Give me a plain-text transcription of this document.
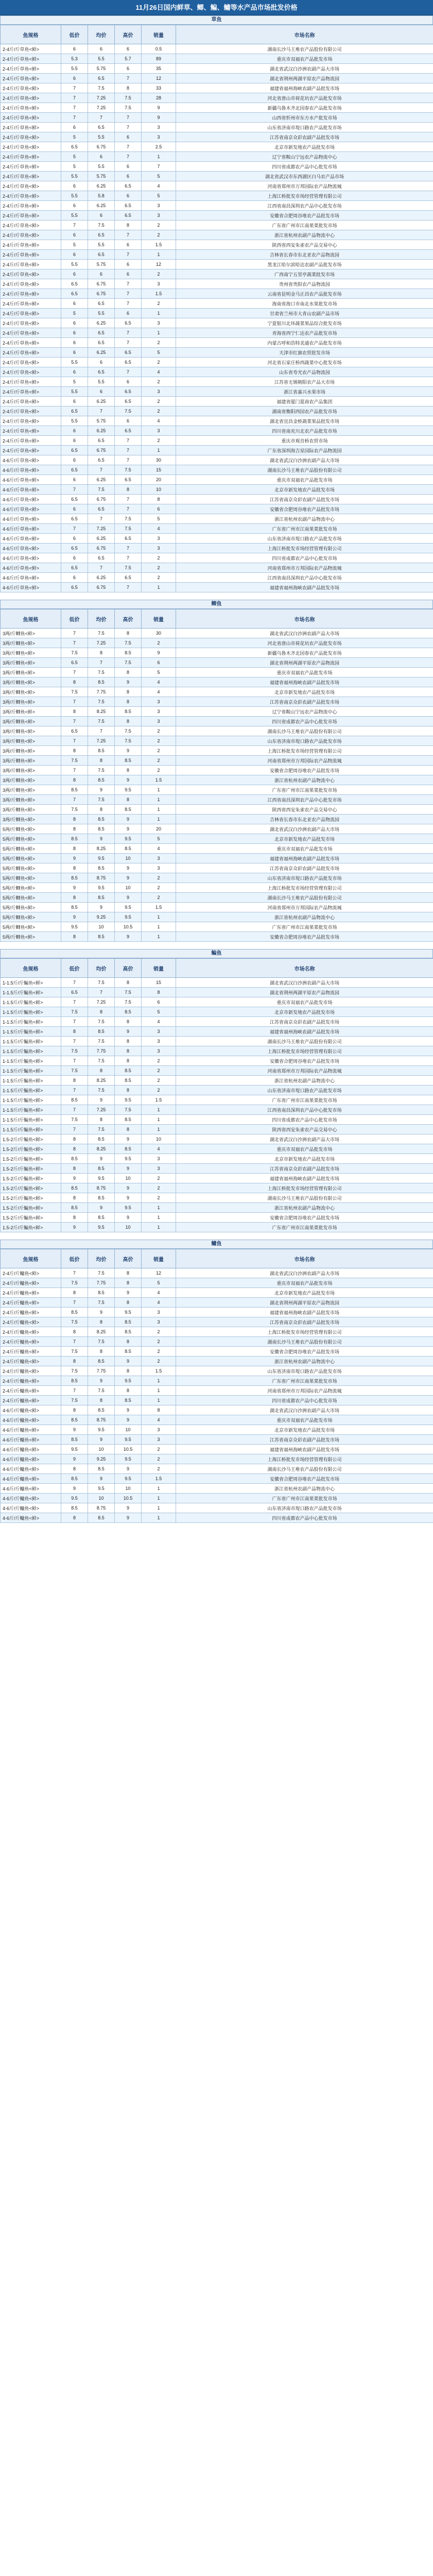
11月26日国内鲜草、鲫、鳊、鳙等水产品市场批发价格
草鱼
鱼规格	低价	均价	高价	销量	市场名称
2-4斤/斤草鱼<鲜>	6	6	6	0.5	湖南长沙马王堆农产品股份有限公司
2-4斤/斤草鱼<鲜>	5.3	5.5	5.7	89	重庆市双福农产品批发市场
2-4斤/斤草鱼<鲜>	5.5	5.75	6	35	湖北省武汉白沙洲农副产品大市场
2-4斤/斤草鱼<鲜>	6	6.5	7	12	湖北省荆州两湖平原农产品物流园
2-4斤/斤草鱼<鲜>	7	7.5	8	33	福建省福州海峡农副产品批发市场
2-4斤/斤草鱼<鲜>	7	7.25	7.5	28	河北省唐山市荷花坑农产品批发市场
2-4斤/斤草鱼<鲜>	7	7.25	7.5	9	新疆乌鲁木齐北园春农产品批发市场
2-4斤/斤草鱼<鲜>	7	7	7	9	山西省忻州市东方水产批发市场
2-4斤/斤草鱼<鲜>	6	6.5	7	3	山东省济南市堤口路农产品批发市场
2-4斤/斤草鱼<鲜>	5	5.5	6	3	江苏省南京众彩农副产品批发市场
2-4斤/斤草鱼<鲜>	6.5	6.75	7	2.5	北京市新发地农产品批发市场
2-4斤/斤草鱼<鲜>	5	6	7	1	辽宁省鞍山宁远农产品物流中心
2-4斤/斤草鱼<鲜>	5	5.5	6	7	四川省成都农产品中心批发市场
2-4斤/斤草鱼<鲜>	5.5	5.75	6	5	湖北省武汉市东西湖区白马农产品市场
2-4斤/斤草鱼<鲜>	6	6.25	6.5	4	河南省郑州市万邦国际农产品物流城
2-4斤/斤草鱼<鲜>	5.5	5.8	6	5	上海江桥批发市场经营管理有限公司
2-4斤/斤草鱼<鲜>	6	6.25	6.5	3	江西省南昌深圳农产品中心批发市场
2-4斤/斤草鱼<鲜>	5.5	6	6.5	3	安徽省合肥周谷堆农产品批发市场
2-4斤/斤草鱼<鲜>	7	7.5	8	2	广东省广州市江南果菜批发市场
2-4斤/斤草鱼<鲜>	6	6.5	7	2	浙江省杭州农副产品物流中心
2-4斤/斤草鱼<鲜>	5	5.5	6	1.5	陕西省西安朱雀农产品交易中心
2-4斤/斤草鱼<鲜>	6	6.5	7	1	吉林省长春市东北亚农产品物流园
2-4斤/斤草鱼<鲜>	5.5	5.75	6	12	黑龙江哈尔滨哈达农副产品批发市场
2-4斤/斤草鱼<鲜>	6	6	6	2	广西南宁五里亭蔬菜批发市场
2-4斤/斤草鱼<鲜>	6.5	6.75	7	3	贵州省贵阳农产品物流园
2-4斤/斤草鱼<鲜>	6.5	6.75	7	1.5	云南省昆明金马正昌农产品批发市场
2-4斤/斤草鱼<鲜>	6	6.5	7	2	海南省海口市南北水果批发市场
2-4斤/斤草鱼<鲜>	5	5.5	6	1	甘肃省兰州市大青山农副产品市场
2-4斤/斤草鱼<鲜>	6	6.25	6.5	3	宁夏银川北环蔬菜果品综合批发市场
2-4斤/斤草鱼<鲜>	6	6.5	7	1	青海省西宁仁达农产品批发市场
2-4斤/斤草鱼<鲜>	6	6.5	7	2	内蒙古呼和浩特美通农产品批发市场
2-4斤/斤草鱼<鲜>	6	6.25	6.5	5	天津市红旗农贸批发市场
2-4斤/斤草鱼<鲜>	5.5	6	6.5	2	河北省石家庄桥西蔬菜中心批发市场
2-4斤/斤草鱼<鲜>	6	6.5	7	4	山东省寿光农产品物流园
2-4斤/斤草鱼<鲜>	5	5.5	6	2	江苏省无锡朝阳农产品大市场
2-4斤/斤草鱼<鲜>	5.5	6	6.5	3	浙江省嘉兴水果市场
2-4斤/斤草鱼<鲜>	6	6.25	6.5	2	福建省厦门夏商农产品集团
2-4斤/斤草鱼<鲜>	6.5	7	7.5	2	湖南省衡阳西园农产品批发市场
2-4斤/斤草鱼<鲜>	5.5	5.75	6	4	湖北省宜昌金桥蔬菜果品批发市场
2-4斤/斤草鱼<鲜>	6	6.25	6.5	3	四川省南充川北农产品批发市场
2-4斤/斤草鱼<鲜>	6	6.5	7	2	重庆市观音桥农贸市场
2-4斤/斤草鱼<鲜>	6.5	6.75	7	1	广东省深圳海吉星国际农产品物流园
4-6斤/斤草鱼<鲜>	6	6.5	7	30	湖北省武汉白沙洲农副产品大市场
4-6斤/斤草鱼<鲜>	6.5	7	7.5	15	湖南长沙马王堆农产品股份有限公司
4-6斤/斤草鱼<鲜>	6	6.25	6.5	20	重庆市双福农产品批发市场
4-6斤/斤草鱼<鲜>	7	7.5	8	10	北京市新发地农产品批发市场
4-6斤/斤草鱼<鲜>	6.5	6.75	7	8	江苏省南京众彩农副产品批发市场
4-6斤/斤草鱼<鲜>	6	6.5	7	6	安徽省合肥周谷堆农产品批发市场
4-6斤/斤草鱼<鲜>	6.5	7	7.5	5	浙江省杭州农副产品物流中心
4-6斤/斤草鱼<鲜>	7	7.25	7.5	4	广东省广州市江南果菜批发市场
4-6斤/斤草鱼<鲜>	6	6.25	6.5	3	山东省济南市堤口路农产品批发市场
4-6斤/斤草鱼<鲜>	6.5	6.75	7	3	上海江桥批发市场经营管理有限公司
4-6斤/斤草鱼<鲜>	6	6.5	7	2	四川省成都农产品中心批发市场
4-6斤/斤草鱼<鲜>	6.5	7	7.5	2	河南省郑州市万邦国际农产品物流城
4-6斤/斤草鱼<鲜>	6	6.25	6.5	2	江西省南昌深圳农产品中心批发市场
4-6斤/斤草鱼<鲜>	6.5	6.75	7	1	福建省福州海峡农副产品批发市场
鲫鱼
鱼规格	低价	均价	高价	销量	市场名称
3两/斤鲫鱼<鲜>	7	7.5	8	30	湖北省武汉白沙洲农副产品大市场
3两/斤鲫鱼<鲜>	7	7.25	7.5	2	河北省唐山市荷花坑农产品批发市场
3两/斤鲫鱼<鲜>	7.5	8	8.5	9	新疆乌鲁木齐北园春农产品批发市场
3两/斤鲫鱼<鲜>	6.5	7	7.5	6	湖北省荆州两湖平原农产品物流园
3两/斤鲫鱼<鲜>	7	7.5	8	5	重庆市双福农产品批发市场
3两/斤鲫鱼<鲜>	8	8.5	9	4	福建省福州海峡农副产品批发市场
3两/斤鲫鱼<鲜>	7.5	7.75	8	4	北京市新发地农产品批发市场
3两/斤鲫鱼<鲜>	7	7.5	8	3	江苏省南京众彩农副产品批发市场
3两/斤鲫鱼<鲜>	8	8.25	8.5	3	辽宁省鞍山宁远农产品物流中心
3两/斤鲫鱼<鲜>	7	7.5	8	3	四川省成都农产品中心批发市场
3两/斤鲫鱼<鲜>	6.5	7	7.5	2	湖南长沙马王堆农产品股份有限公司
3两/斤鲫鱼<鲜>	7	7.25	7.5	2	山东省济南市堤口路农产品批发市场
3两/斤鲫鱼<鲜>	8	8.5	9	2	上海江桥批发市场经营管理有限公司
3两/斤鲫鱼<鲜>	7.5	8	8.5	2	河南省郑州市万邦国际农产品物流城
3两/斤鲫鱼<鲜>	7	7.5	8	2	安徽省合肥周谷堆农产品批发市场
3两/斤鲫鱼<鲜>	8	8.5	9	1.5	浙江省杭州农副产品物流中心
3两/斤鲫鱼<鲜>	8.5	9	9.5	1	广东省广州市江南果菜批发市场
3两/斤鲫鱼<鲜>	7	7.5	8	1	江西省南昌深圳农产品中心批发市场
3两/斤鲫鱼<鲜>	7.5	8	8.5	1	陕西省西安朱雀农产品交易中心
3两/斤鲫鱼<鲜>	8	8.5	9	1	吉林省长春市东北亚农产品物流园
5两/斤鲫鱼<鲜>	8	8.5	9	20	湖北省武汉白沙洲农副产品大市场
5两/斤鲫鱼<鲜>	8.5	9	9.5	5	北京市新发地农产品批发市场
5两/斤鲫鱼<鲜>	8	8.25	8.5	4	重庆市双福农产品批发市场
5两/斤鲫鱼<鲜>	9	9.5	10	3	福建省福州海峡农副产品批发市场
5两/斤鲫鱼<鲜>	8	8.5	9	3	江苏省南京众彩农副产品批发市场
5两/斤鲫鱼<鲜>	8.5	8.75	9	2	山东省济南市堤口路农产品批发市场
5两/斤鲫鱼<鲜>	9	9.5	10	2	上海江桥批发市场经营管理有限公司
5两/斤鲫鱼<鲜>	8	8.5	9	2	湖南长沙马王堆农产品股份有限公司
5两/斤鲫鱼<鲜>	8.5	9	9.5	1.5	河南省郑州市万邦国际农产品物流城
5两/斤鲫鱼<鲜>	9	9.25	9.5	1	浙江省杭州农副产品物流中心
5两/斤鲫鱼<鲜>	9.5	10	10.5	1	广东省广州市江南果菜批发市场
5两/斤鲫鱼<鲜>	8	8.5	9	1	安徽省合肥周谷堆农产品批发市场
鳊鱼
鱼规格	低价	均价	高价	销量	市场名称
1-1.5斤/斤鳊鱼<鲜>	7	7.5	8	15	湖北省武汉白沙洲农副产品大市场
1-1.5斤/斤鳊鱼<鲜>	6.5	7	7.5	8	湖北省荆州两湖平原农产品物流园
1-1.5斤/斤鳊鱼<鲜>	7	7.25	7.5	6	重庆市双福农产品批发市场
1-1.5斤/斤鳊鱼<鲜>	7.5	8	8.5	5	北京市新发地农产品批发市场
1-1.5斤/斤鳊鱼<鲜>	7	7.5	8	4	江苏省南京众彩农副产品批发市场
1-1.5斤/斤鳊鱼<鲜>	8	8.5	9	3	福建省福州海峡农副产品批发市场
1-1.5斤/斤鳊鱼<鲜>	7	7.5	8	3	湖南长沙马王堆农产品股份有限公司
1-1.5斤/斤鳊鱼<鲜>	7.5	7.75	8	3	上海江桥批发市场经营管理有限公司
1-1.5斤/斤鳊鱼<鲜>	7	7.5	8	2	安徽省合肥周谷堆农产品批发市场
1-1.5斤/斤鳊鱼<鲜>	7.5	8	8.5	2	河南省郑州市万邦国际农产品物流城
1-1.5斤/斤鳊鱼<鲜>	8	8.25	8.5	2	浙江省杭州农副产品物流中心
1-1.5斤/斤鳊鱼<鲜>	7	7.5	8	2	山东省济南市堤口路农产品批发市场
1-1.5斤/斤鳊鱼<鲜>	8.5	9	9.5	1.5	广东省广州市江南果菜批发市场
1-1.5斤/斤鳊鱼<鲜>	7	7.25	7.5	1	江西省南昌深圳农产品中心批发市场
1-1.5斤/斤鳊鱼<鲜>	7.5	8	8.5	1	四川省成都农产品中心批发市场
1-1.5斤/斤鳊鱼<鲜>	7	7.5	8	1	陕西省西安朱雀农产品交易中心
1.5-2斤/斤鳊鱼<鲜>	8	8.5	9	10	湖北省武汉白沙洲农副产品大市场
1.5-2斤/斤鳊鱼<鲜>	8	8.25	8.5	4	重庆市双福农产品批发市场
1.5-2斤/斤鳊鱼<鲜>	8.5	9	9.5	3	北京市新发地农产品批发市场
1.5-2斤/斤鳊鱼<鲜>	8	8.5	9	3	江苏省南京众彩农副产品批发市场
1.5-2斤/斤鳊鱼<鲜>	9	9.5	10	2	福建省福州海峡农副产品批发市场
1.5-2斤/斤鳊鱼<鲜>	8.5	8.75	9	2	上海江桥批发市场经营管理有限公司
1.5-2斤/斤鳊鱼<鲜>	8	8.5	9	2	湖南长沙马王堆农产品股份有限公司
1.5-2斤/斤鳊鱼<鲜>	8.5	9	9.5	1	浙江省杭州农副产品物流中心
1.5-2斤/斤鳊鱼<鲜>	8	8.5	9	1	安徽省合肥周谷堆农产品批发市场
1.5-2斤/斤鳊鱼<鲜>	9	9.5	10	1	广东省广州市江南果菜批发市场
鳙鱼
鱼规格	低价	均价	高价	销量	市场名称
2-4斤/斤鳙鱼<鲜>	7	7.5	8	12	湖北省武汉白沙洲农副产品大市场
2-4斤/斤鳙鱼<鲜>	7.5	7.75	8	5	重庆市双福农产品批发市场
2-4斤/斤鳙鱼<鲜>	8	8.5	9	4	北京市新发地农产品批发市场
2-4斤/斤鳙鱼<鲜>	7	7.5	8	4	湖北省荆州两湖平原农产品物流园
2-4斤/斤鳙鱼<鲜>	8.5	9	9.5	3	福建省福州海峡农副产品批发市场
2-4斤/斤鳙鱼<鲜>	7.5	8	8.5	3	江苏省南京众彩农副产品批发市场
2-4斤/斤鳙鱼<鲜>	8	8.25	8.5	2	上海江桥批发市场经营管理有限公司
2-4斤/斤鳙鱼<鲜>	7	7.5	8	2	湖南长沙马王堆农产品股份有限公司
2-4斤/斤鳙鱼<鲜>	7.5	8	8.5	2	安徽省合肥周谷堆农产品批发市场
2-4斤/斤鳙鱼<鲜>	8	8.5	9	2	浙江省杭州农副产品物流中心
2-4斤/斤鳙鱼<鲜>	7.5	7.75	8	1.5	山东省济南市堤口路农产品批发市场
2-4斤/斤鳙鱼<鲜>	8.5	9	9.5	1	广东省广州市江南果菜批发市场
2-4斤/斤鳙鱼<鲜>	7	7.5	8	1	河南省郑州市万邦国际农产品物流城
2-4斤/斤鳙鱼<鲜>	7.5	8	8.5	1	四川省成都农产品中心批发市场
4-6斤/斤鳙鱼<鲜>	8	8.5	9	8	湖北省武汉白沙洲农副产品大市场
4-6斤/斤鳙鱼<鲜>	8.5	8.75	9	4	重庆市双福农产品批发市场
4-6斤/斤鳙鱼<鲜>	9	9.5	10	3	北京市新发地农产品批发市场
4-6斤/斤鳙鱼<鲜>	8.5	9	9.5	3	江苏省南京众彩农副产品批发市场
4-6斤/斤鳙鱼<鲜>	9.5	10	10.5	2	福建省福州海峡农副产品批发市场
4-6斤/斤鳙鱼<鲜>	9	9.25	9.5	2	上海江桥批发市场经营管理有限公司
4-6斤/斤鳙鱼<鲜>	8	8.5	9	2	湖南长沙马王堆农产品股份有限公司
4-6斤/斤鳙鱼<鲜>	8.5	9	9.5	1.5	安徽省合肥周谷堆农产品批发市场
4-6斤/斤鳙鱼<鲜>	9	9.5	10	1	浙江省杭州农副产品物流中心
4-6斤/斤鳙鱼<鲜>	9.5	10	10.5	1	广东省广州市江南果菜批发市场
4-6斤/斤鳙鱼<鲜>	8.5	8.75	9	1	山东省济南市堤口路农产品批发市场
4-6斤/斤鳙鱼<鲜>	8	8.5	9	1	四川省成都农产品中心批发市场
